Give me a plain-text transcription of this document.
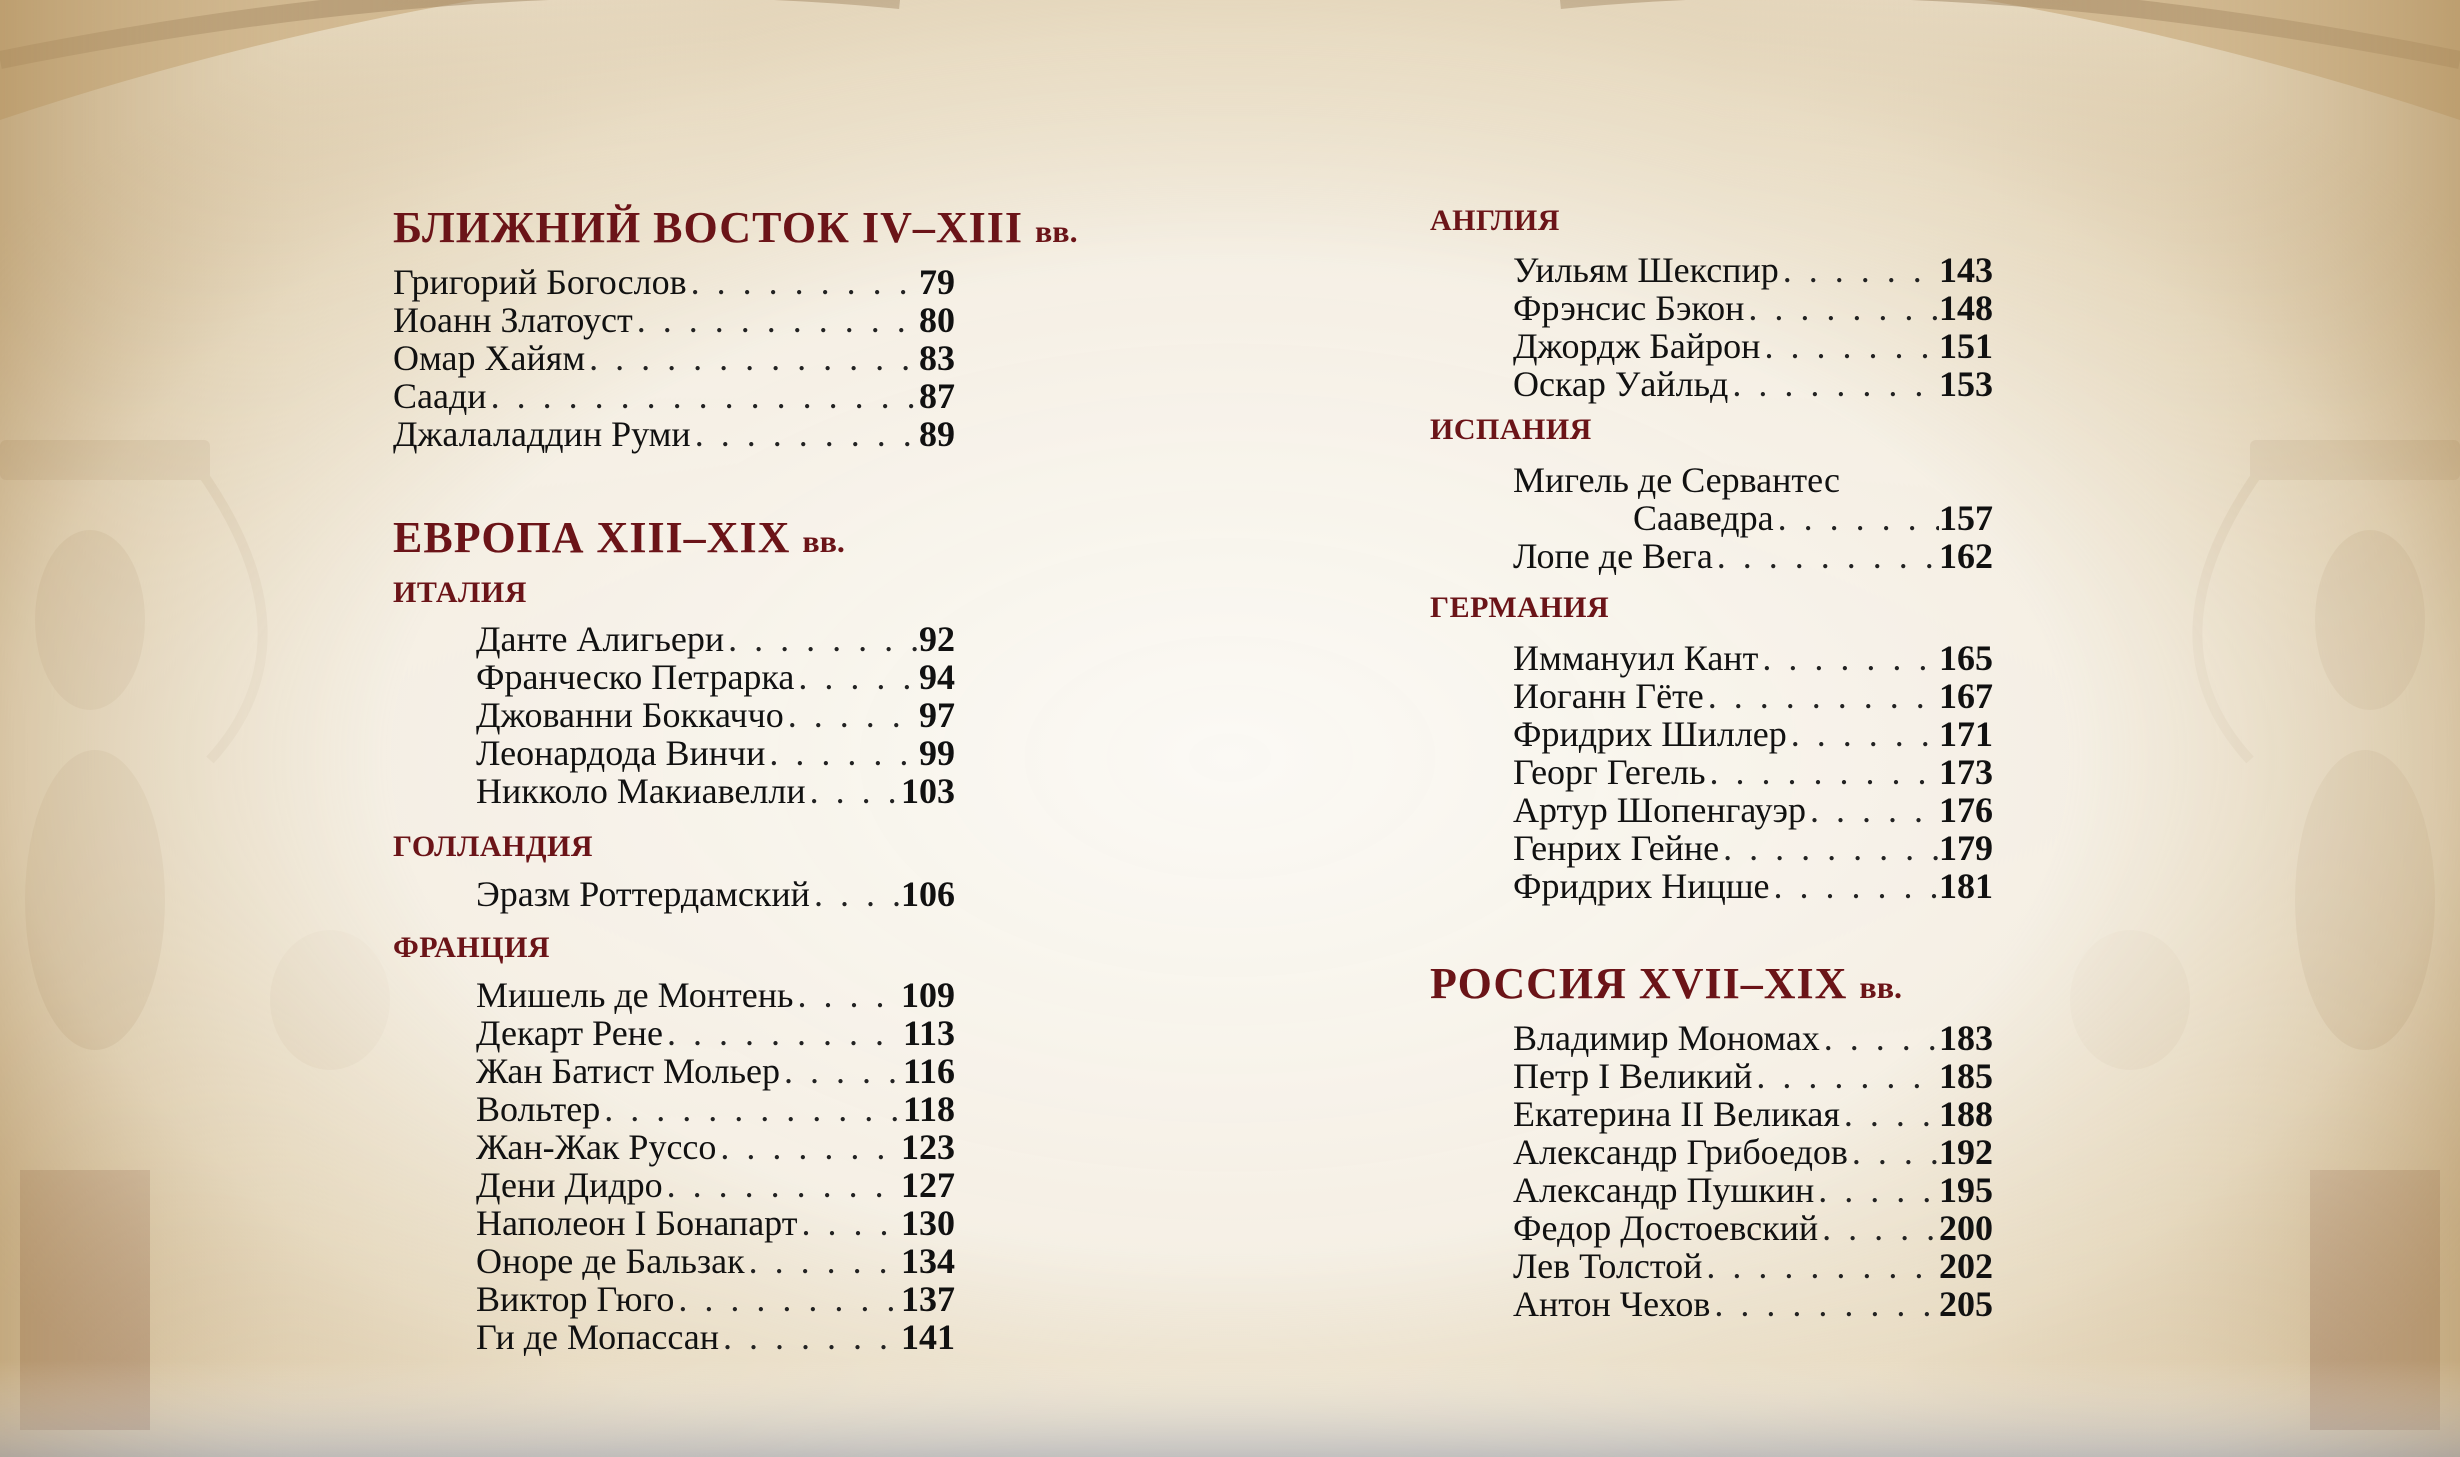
БЛИЖНИЙ ВОСТОК IV–XIII вв.
Григорий Богослов . . .	79
Иоанн Златоуст . . .	80
Омар Хайям . . .	83
Саади . . .	87
Джалаладдин Руми . . .	89
ЕВРОПА XIII–XIX вв.
ИТАЛИЯ
Данте Алигьери . . .	92
Франческо Петрарка . . .	94
Джованни Боккаччо . . .	97
Леонардода Винчи . . .	99
Никколо Макиавелли . . .	103
ГОЛЛАНДИЯ
Эразм Роттердамский . . .	106
ФРАНЦИЯ
Мишель де Монтень . . .	109
Декарт Рене . . .	113
Жан Батист Мольер . . .	116
Вольтер . . .	118
Жан-Жак Руссо . . .	123
Дени Дидро . . .	127
Наполеон I Бонапарт . . .	130
Оноре де Бальзак . . .	134
Виктор Гюго . . .	137
Ги де Мопассан . . .	141
АНГЛИЯ
Уильям Шекспир . . .	143
Фрэнсис Бэкон . . .	148
Джордж Байрон . . .	151
Оскар Уайльд . . .	153
ИСПАНИЯ
Мигель де Сервантес
Сааведра . . .	157
Лопе де Вега . . .	162
ГЕРМАНИЯ
Иммануил Кант . . .	165
Иоганн Гёте . . .	167
Фридрих Шиллер . . .	171
Георг Гегель . . .	173
Артур Шопенгауэр . . .	176
Генрих Гейне . . .	179
Фридрих Ницше . . .	181
РОССИЯ XVII–XIX вв.
Владимир Мономах . . .	183
Петр I Великий . . .	185
Екатерина II Великая . . .	188
Александр Грибоедов . . .	192
Александр Пушкин . . .	195
Федор Достоевский . . .	200
Лев Толстой . . .	202
Антон Чехов . . .	205
